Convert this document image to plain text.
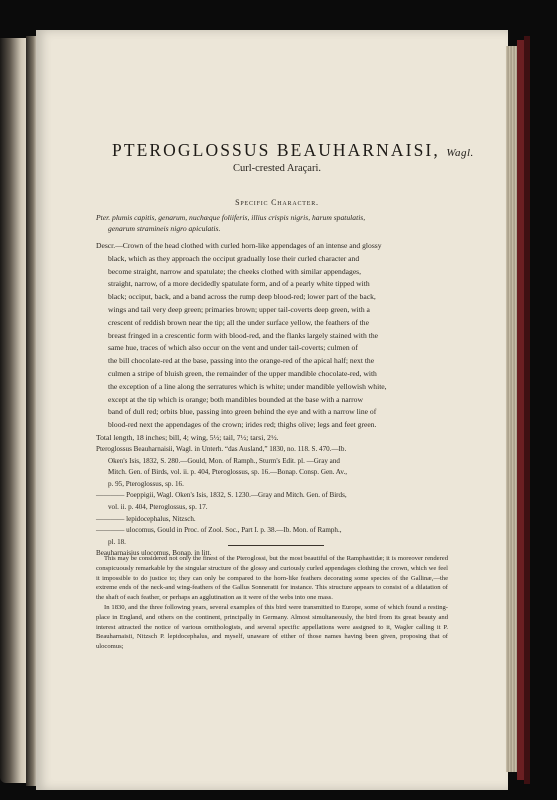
PTEROGLOSSUS BEAUHARNAISI, Wagl.
Curl-crested Araçari.
Specific Character.

Pter. plumis capitis, genarum, nuchæque foliiferis, illius crispis nigris, harum spatulatis,

genarum stramineis nigro apiculatis.

Descr.—Crown of the head clothed with curled horn-like appendages of an intense and glossy

black, which as they approach the occiput gradually lose their curled character and

become straight, narrow and spatulate; the cheeks clothed with similar appendages,

straight, narrow, of a more decidedly spatulate form, and of a pearly white tipped with

black; occiput, back, and a band across the rump deep blood-red; lower part of the back,

wings and tail very deep green; primaries brown; upper tail-coverts deep green, with a

crescent of reddish brown near the tip; all the under surface yellow, the feathers of the

breast fringed in a crescentic form with blood-red, and the flanks largely stained with the

same hue, traces of which also occur on the vent and under tail-coverts; culmen of

the bill chocolate-red at the base, passing into the orange-red of the apical half; next the

culmen a stripe of bluish green, the remainder of the upper mandible chocolate-red, with

the exception of a line along the serratures which is white; under mandible yellowish white,

except at the tip which is orange; both mandibles bounded at the base with a narrow

band of dull red; orbits blue, passing into green behind the eye and with a narrow line of

blood-red next the appendages of the crown; irides red; thighs olive; legs and feet green.

Total length, 18 inches; bill, 4; wing, 5½; tail, 7½; tarsi, 2½.

Pteroglossus Beauharnaisii, Wagl. in Unterh. “das Ausland,” 1830, no. 118. S. 470.—Ib.

Oken's Isis, 1832, S. 280.—Gould, Mon. of Ramph., Sturm's Edit. pl. —Gray and

Mitch. Gen. of Birds, vol. ii. p. 404, Pteroglossus, sp. 16.—Bonap. Consp. Gen. Av.,

p. 95, Pteroglossus, sp. 16.

———— Poeppigii, Wagl. Oken's Isis, 1832, S. 1230.—Gray and Mitch. Gen. of Birds,

vol. ii. p. 404, Pteroglossus, sp. 17.

———— lepidocephalus, Nitzsch.

———— ulocomus, Gould in Proc. of Zool. Soc., Part I. p. 38.—Ib. Mon. of Ramph.,

pl. 18.

Beauharnaisius ulocomus, Bonap. in litt.

This may be considered not only the finest of the Pteroglossi, but the most beautiful of the Ramphastidæ; it is moreover rendered conspicuously remarkable by the singular structure of the glossy and curiously curled appendages clothing the crown, which we feel it impossible to do justice to; they can only be compared to the horn-like feathers decorating some species of the Gallinæ,—the extreme ends of the neck-and wing-feathers of the Gallus Sonneratii for instance. This structure appears to consist of a dilatation of the shaft of each feather, or perhaps an agglutination as it were of the webs into one mass.

In 1830, and the three following years, several examples of this bird were transmitted to Europe, some of which found a resting-place in England, and others on the continent, principally in Germany. Almost simultaneously, the bird from its great beauty and interest attracted the notice of various ornithologists, and several specific appellations were assigned to it, Wagler calling it P. Beauharnaisii, Nitzsch P. lepidocephalus, and myself, unaware of either of those names having been given, proposing that of ulocomus;
